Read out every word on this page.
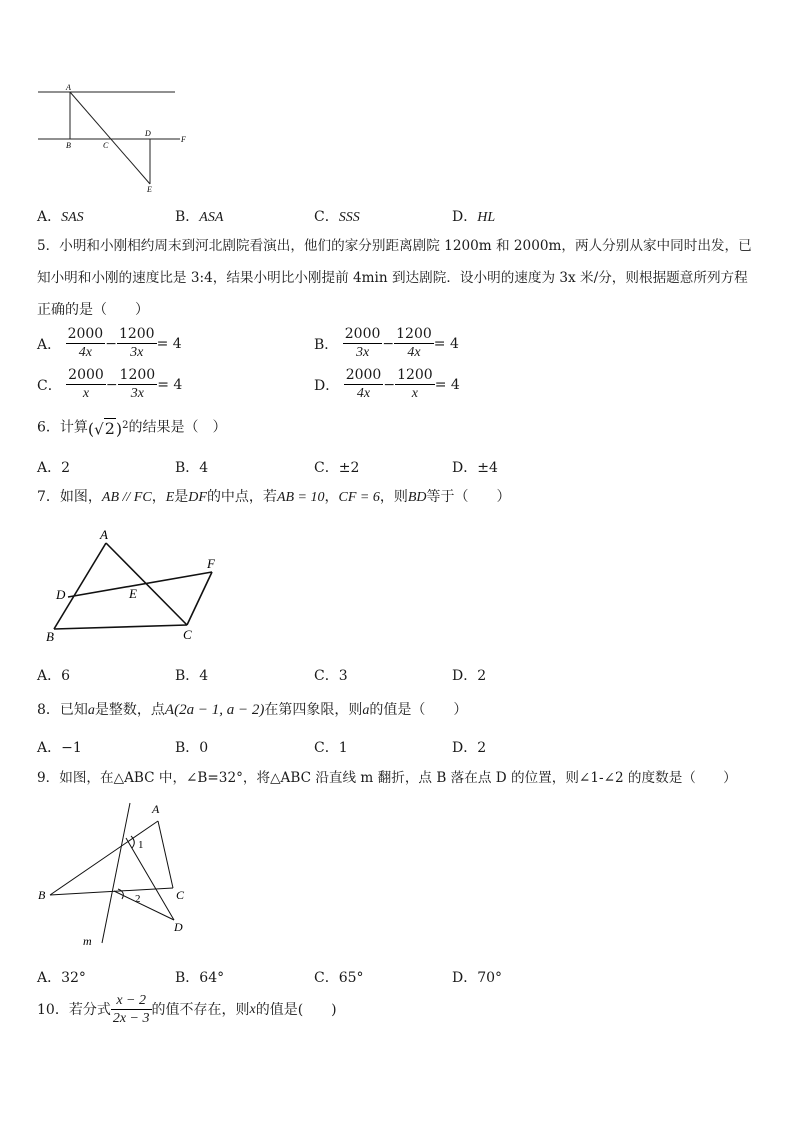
A
B	C
D
E
F
A．SAS	B．ASA	C．SSS	D．HL
5．小明和小刚相约周末到河北剧院看演出，他们的家分别距离剧院 1200m 和 2000m，两人分别从家中同时出发，已
知小明和小刚的速度比是 3:4，结果小明比小刚提前 4min 到达剧院．设小明的速度为 3x 米/分，则根据题意所列方程
正确的是（　　）
A． $\frac{2000}{4x} - \frac{1200}{3x} = 4$	B． $\frac{2000}{3x} - \frac{1200}{4x} = 4$
C． $\frac{2000}{x} - \frac{1200}{3x} = 4$	D． $\frac{2000}{4x} - \frac{1200}{x} = 4$
6．计算$(√2)^2$的结果是（　）
A．2	B．4	C．±2	D．±4
7．如图，AB // FC，E是DF的中点，若AB = 10，CF = 6，则BD等于（　　）
A
B	C
D	E
F
A．6	B．4	C．3	D．2
8．已知a是整数，点A(2a − 1, a − 2)在第四象限，则a的值是（　　）
A．−1	B．0	C．1	D．2
9．如图，在△ABC 中，∠B=32°，将△ABC 沿直线 m 翻折，点 B 落在点 D 的位置，则∠1-∠2 的度数是（　　）
A
B	C
D
m
1
2
A．32°	B．64°	C．65°	D．70°
10．若分式 $\frac{x - 2}{2x - 3}$ 的值不存在，则x的值是(　　)
